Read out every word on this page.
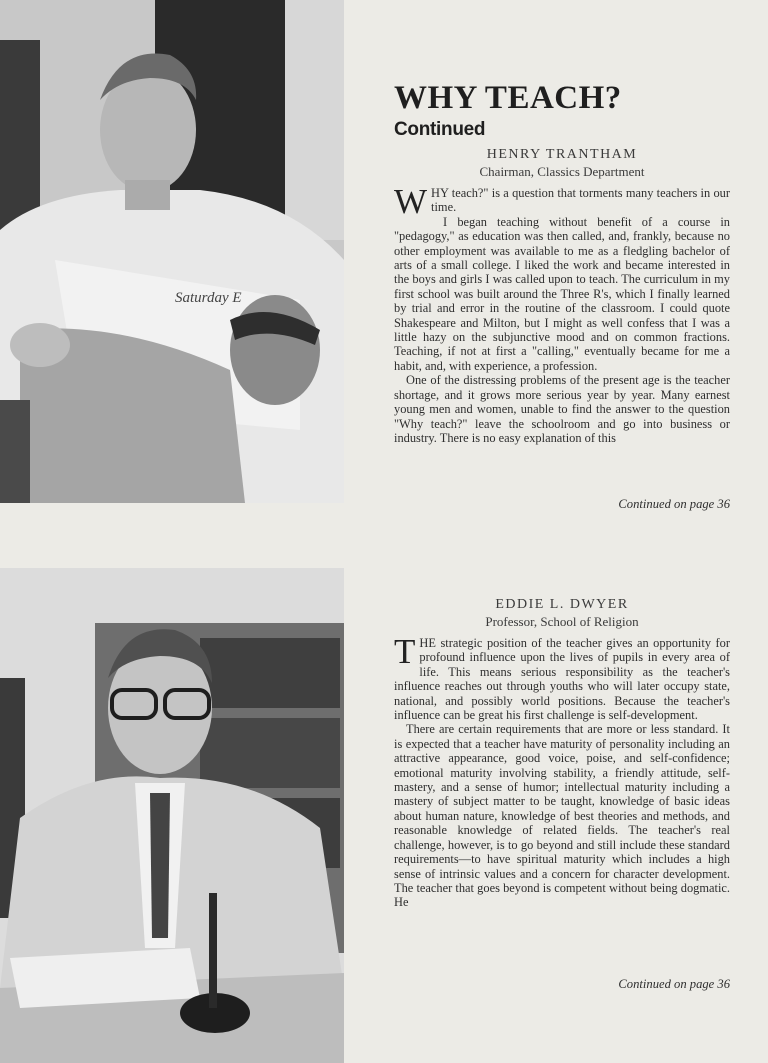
Saturday E
WHY TEACH?
Continued
HENRY TRANTHAM
Chairman, Classics Department

WHY teach?" is a question that torments many teachers in our time.

I began teaching without benefit of a course in "pedagogy," as education was then called, and, frankly, because no other employment was available to me as a fledgling bachelor of arts of a small college. I liked the work and became interested in the boys and girls I was called upon to teach. The curriculum in my first school was built around the Three R's, which I finally learned by trial and error in the routine of the classroom. I could quote Shakespeare and Milton, but I might as well confess that I was a little hazy on the subjunctive mood and on common fractions. Teaching, if not at first a "calling," eventually became for me a habit, and, with experience, a profession.

One of the distressing problems of the present age is the teacher shortage, and it grows more serious year by year. Many earnest young men and women, unable to find the answer to the question "Why teach?" leave the schoolroom and go into business or industry. There is no easy explanation of this

Continued on page 36
EDDIE L. DWYER
Professor, School of Religion

THE strategic position of the teacher gives an opportunity for profound influence upon the lives of pupils in every area of life. This means serious responsibility as the teacher's influence reaches out through youths who will later occupy state, national, and possibly world positions. Because the teacher's influence can be great his first challenge is self-development.

There are certain requirements that are more or less standard. It is expected that a teacher have maturity of personality including an attractive appearance, good voice, poise, and self-confidence; emotional maturity involving stability, a friendly attitude, self-mastery, and a sense of humor; intellectual maturity including a mastery of subject matter to be taught, knowledge of basic ideas about human nature, knowledge of best theories and methods, and reasonable knowledge of related fields. The teacher's real challenge, however, is to go beyond and still include these standard requirements—to have spiritual maturity which includes a high sense of intrinsic values and a concern for character development. The teacher that goes beyond is competent without being dogmatic. He

Continued on page 36
